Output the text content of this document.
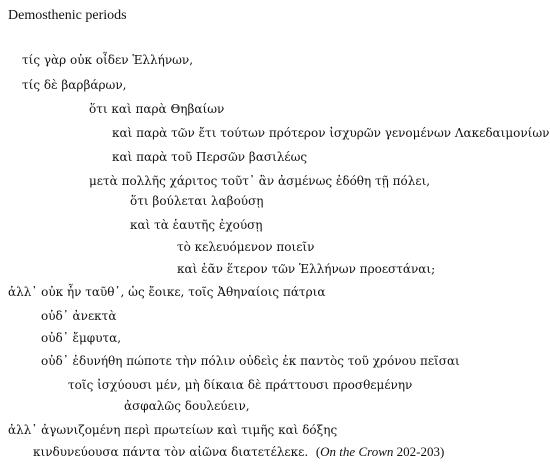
Demosthenic periods
τίς γὰρ οὐκ οἶδεν Ἑλλήνων,
τίς δὲ βαρβάρων,
ὅτι καὶ παρὰ Θηβαίων
καὶ παρὰ τῶν ἔτι τούτων πρότερον ἰσχυρῶν γενομένων Λακεδαιμονίων
καὶ παρὰ τοῦ Περσῶν βασιλέως
μετὰ πολλῆς χάριτος τοῦτ᾽ ἂν ἀσμένως ἐδόθη τῇ πόλει,
ὅτι βούλεται λαβούσῃ
καὶ τὰ ἑαυτῆς ἐχούσῃ
τὸ κελευόμενον ποιεῖν
καὶ ἐᾶν ἕτερον τῶν Ἑλλήνων προεστάναι;
ἀλλ᾽ οὐκ ἦν ταῦθ᾽, ὡς ἔοικε, τοῖς Ἀθηναίοις πάτρια
οὐδ᾽ ἀνεκτὰ
οὐδ᾽ ἔμφυτα,
οὐδ᾽ ἐδυνήθη πώποτε τὴν πόλιν οὐδεὶς ἐκ παντὸς τοῦ χρόνου πεῖσαι
τοῖς ἰσχύουσι μέν, μὴ δίκαια δὲ πράττουσι προσθεμένην
ἀσφαλῶς δουλεύειν,
ἀλλ᾽ ἀγωνιζομένη περὶ πρωτείων καὶ τιμῆς καὶ δόξης
κινδυνεύουσα πάντα τὸν αἰῶνα διατετέλεκε. (On the Crown 202-203)
